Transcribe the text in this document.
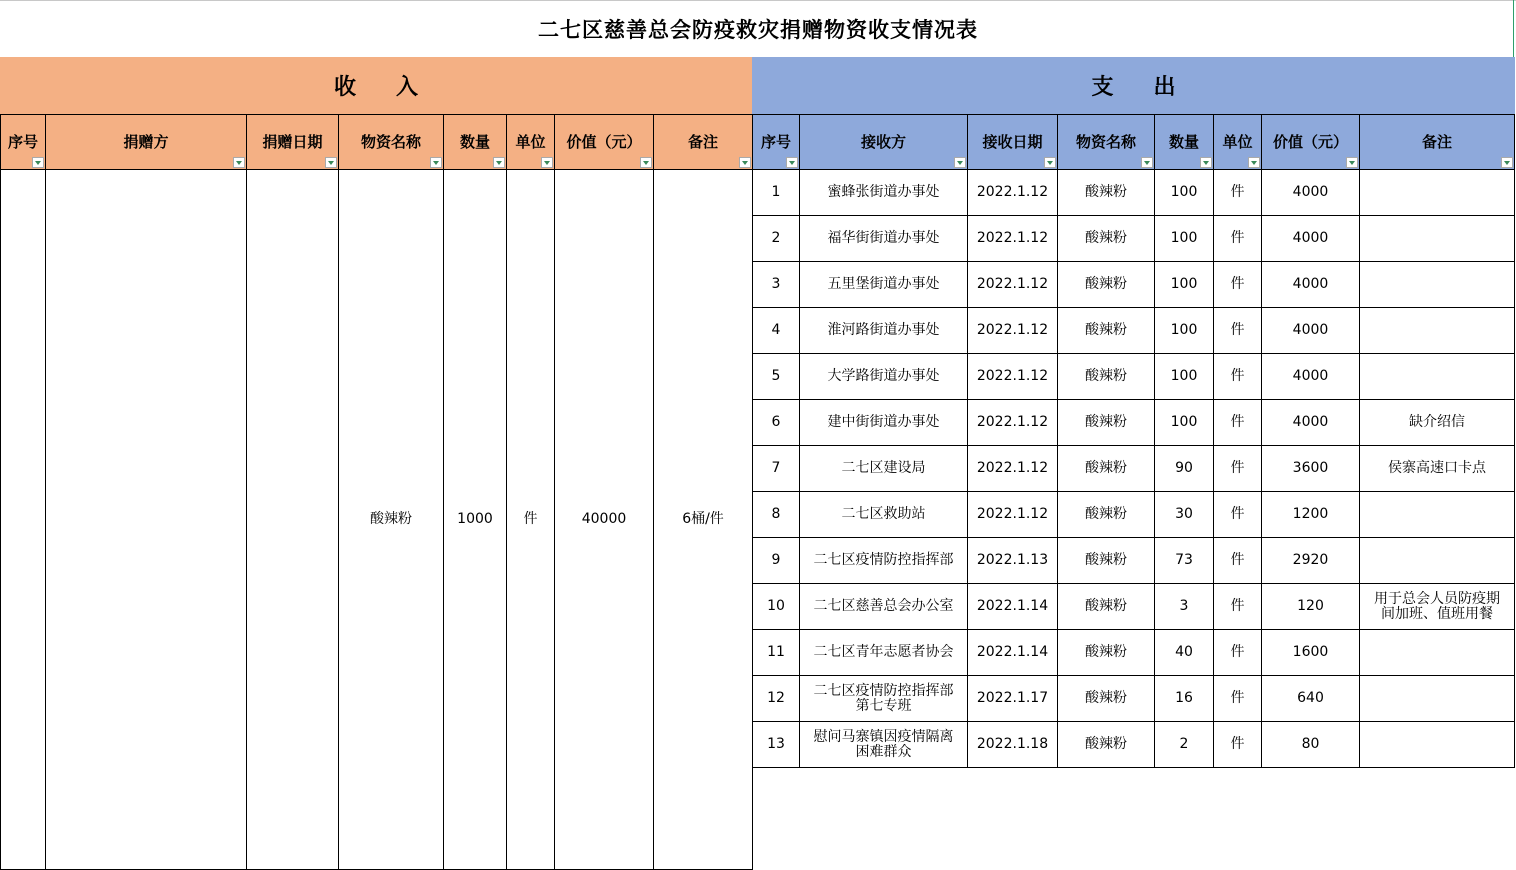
二七区慈善总会防疫救灾捐赠物资收支情况表
收入	支出
序号	捐赠方	捐赠日期	物资名称	数量	单位	价值（元）	备注

			酸辣粉	1000	件	40000	6桶/件
序号	接收方	接收日期	物资名称	数量	单位	价值（元）	备注

1	蜜蜂张街道办事处	2022.1.12	酸辣粉	100	件	4000	
2	福华街街道办事处	2022.1.12	酸辣粉	100	件	4000	
3	五里堡街道办事处	2022.1.12	酸辣粉	100	件	4000	
4	淮河路街道办事处	2022.1.12	酸辣粉	100	件	4000	
5	大学路街道办事处	2022.1.12	酸辣粉	100	件	4000	
6	建中街街道办事处	2022.1.12	酸辣粉	100	件	4000	缺介绍信
7	二七区建设局	2022.1.12	酸辣粉	90	件	3600	侯寨高速口卡点
8	二七区救助站	2022.1.12	酸辣粉	30	件	1200	
9	二七区疫情防控指挥部	2022.1.13	酸辣粉	73	件	2920	
10	二七区慈善总会办公室	2022.1.14	酸辣粉	3	件	120	用于总会人员防疫期
间加班、值班用餐
11	二七区青年志愿者协会	2022.1.14	酸辣粉	40	件	1600	
12	二七区疫情防控指挥部
第七专班	2022.1.17	酸辣粉	16	件	640	
13	慰问马寨镇因疫情隔离
困难群众	2022.1.18	酸辣粉	2	件	80	
